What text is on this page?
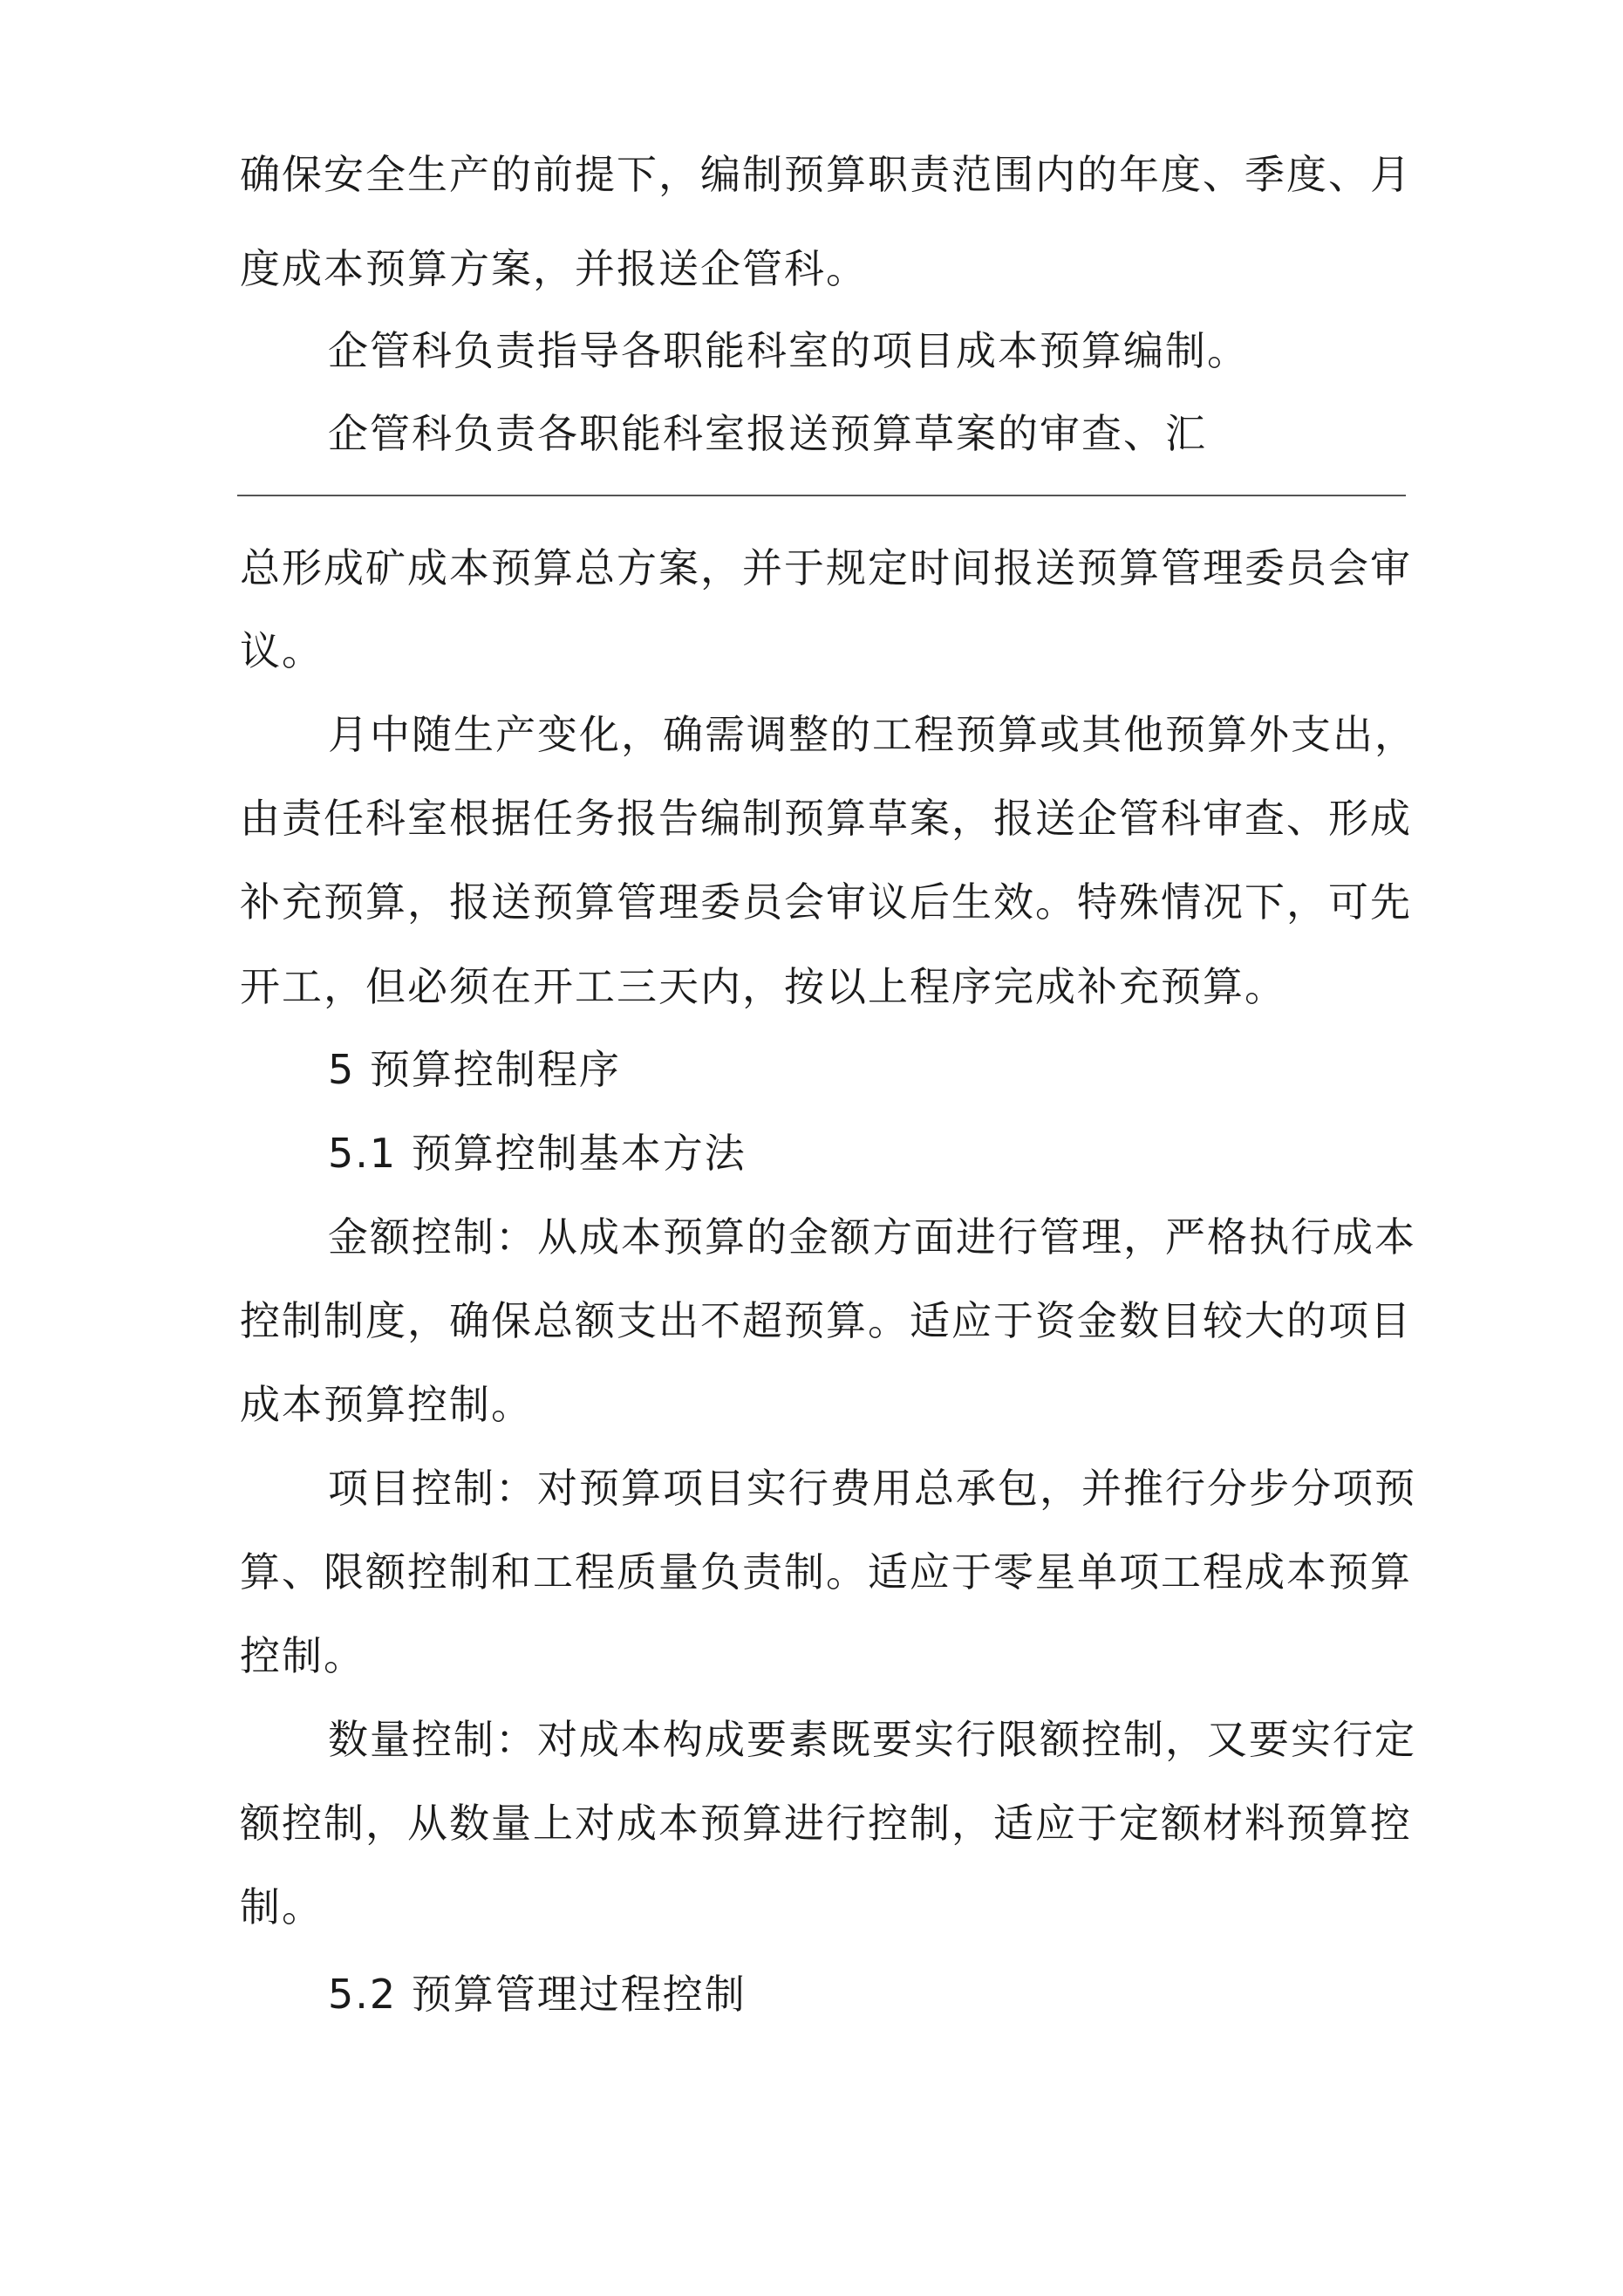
确保安全生产的前提下，编制预算职责范围内的年度、季度、月
度成本预算方案，并报送企管科。
企管科负责指导各职能科室的项目成本预算编制。
企管科负责各职能科室报送预算草案的审查、汇
总形成矿成本预算总方案，并于规定时间报送预算管理委员会审
议。
月中随生产变化，确需调整的工程预算或其他预算外支出，
由责任科室根据任务报告编制预算草案，报送企管科审查、形成
补充预算，报送预算管理委员会审议后生效。特殊情况下，可先
开工，但必须在开工三天内，按以上程序完成补充预算。
5 预算控制程序
5.1 预算控制基本方法
金额控制：从成本预算的金额方面进行管理，严格执行成本
控制制度，确保总额支出不超预算。适应于资金数目较大的项目
成本预算控制。
项目控制：对预算项目实行费用总承包，并推行分步分项预
算、限额控制和工程质量负责制。适应于零星单项工程成本预算
控制。
数量控制：对成本构成要素既要实行限额控制，又要实行定
额控制，从数量上对成本预算进行控制，适应于定额材料预算控
制。
5.2 预算管理过程控制
